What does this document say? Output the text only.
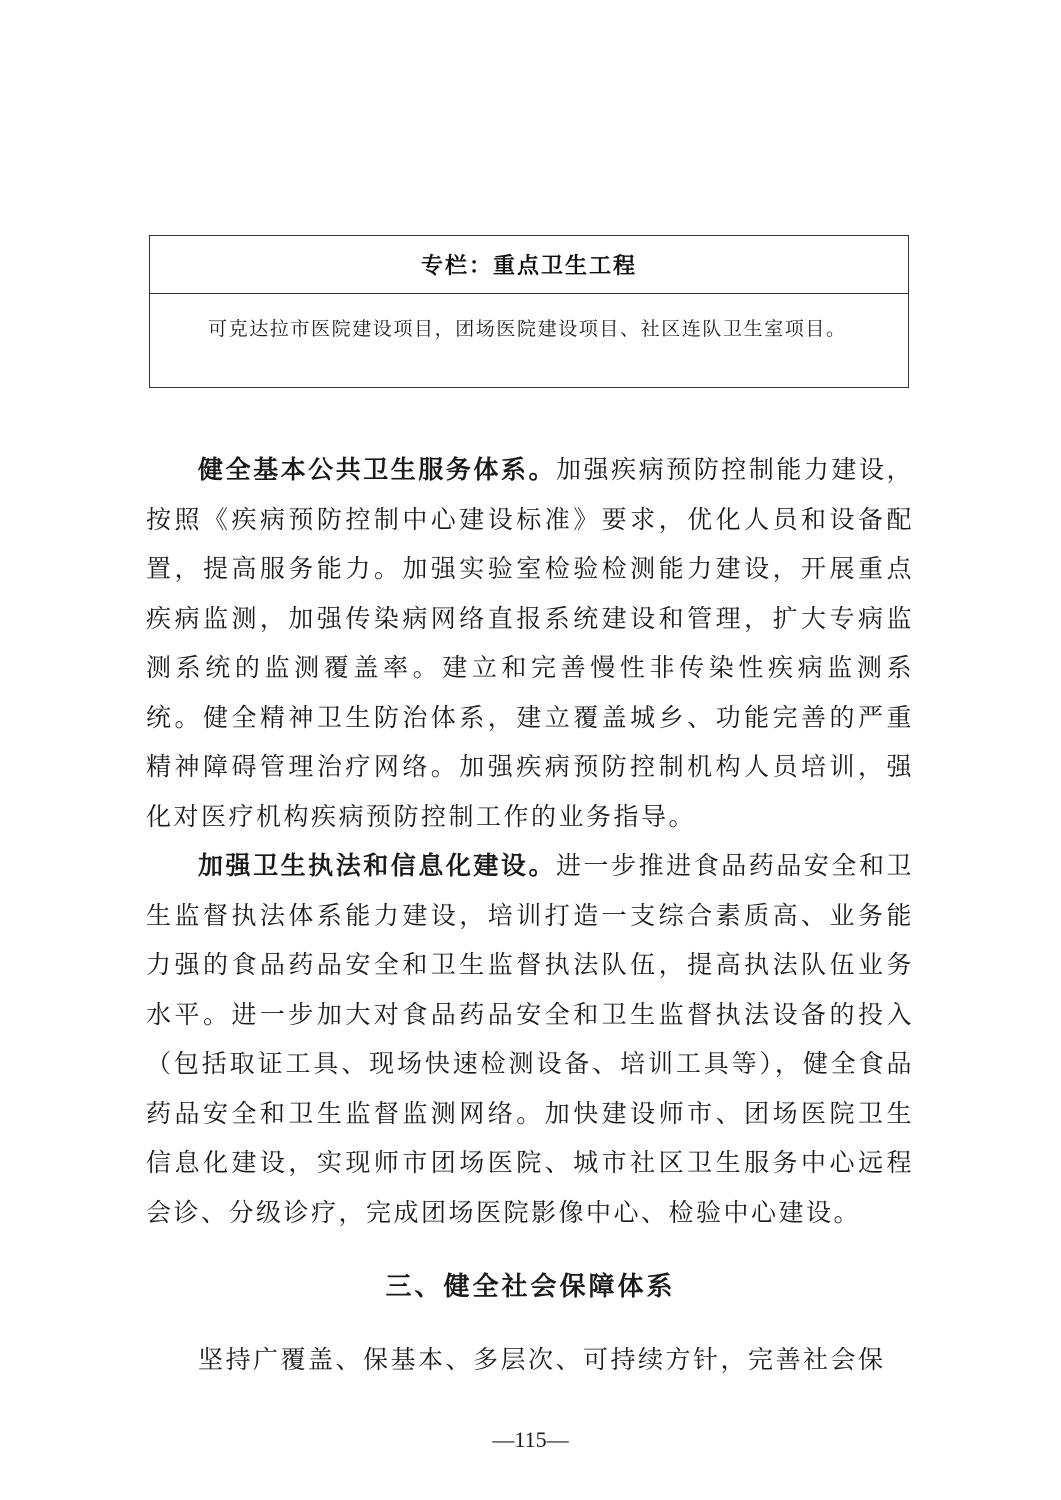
专栏：重点卫生工程
可克达拉市医院建设项目，团场医院建设项目、社区连队卫生室项目。

健全基本公共卫生服务体系。加强疾病预防控制能力建设，按照《疾病预防控制中心建设标准》要求，优化人员和设备配置，提高服务能力。加强实验室检验检测能力建设，开展重点疾病监测，加强传染病网络直报系统建设和管理，扩大专病监测系统的监测覆盖率。建立和完善慢性非传染性疾病监测系统。健全精神卫生防治体系，建立覆盖城乡、功能完善的严重精神障碍管理治疗网络。加强疾病预防控制机构人员培训，强化对医疗机构疾病预防控制工作的业务指导。

加强卫生执法和信息化建设。进一步推进食品药品安全和卫生监督执法体系能力建设，培训打造一支综合素质高、业务能力强的食品药品安全和卫生监督执法队伍，提高执法队伍业务水平。进一步加大对食品药品安全和卫生监督执法设备的投入（包括取证工具、现场快速检测设备、培训工具等），健全食品药品安全和卫生监督监测网络。加快建设师市、团场医院卫生信息化建设，实现师市团场医院、城市社区卫生服务中心远程会诊、分级诊疗，完成团场医院影像中心、检验中心建设。

三、健全社会保障体系

坚持广覆盖、保基本、多层次、可持续方针，完善社会保

—115—
